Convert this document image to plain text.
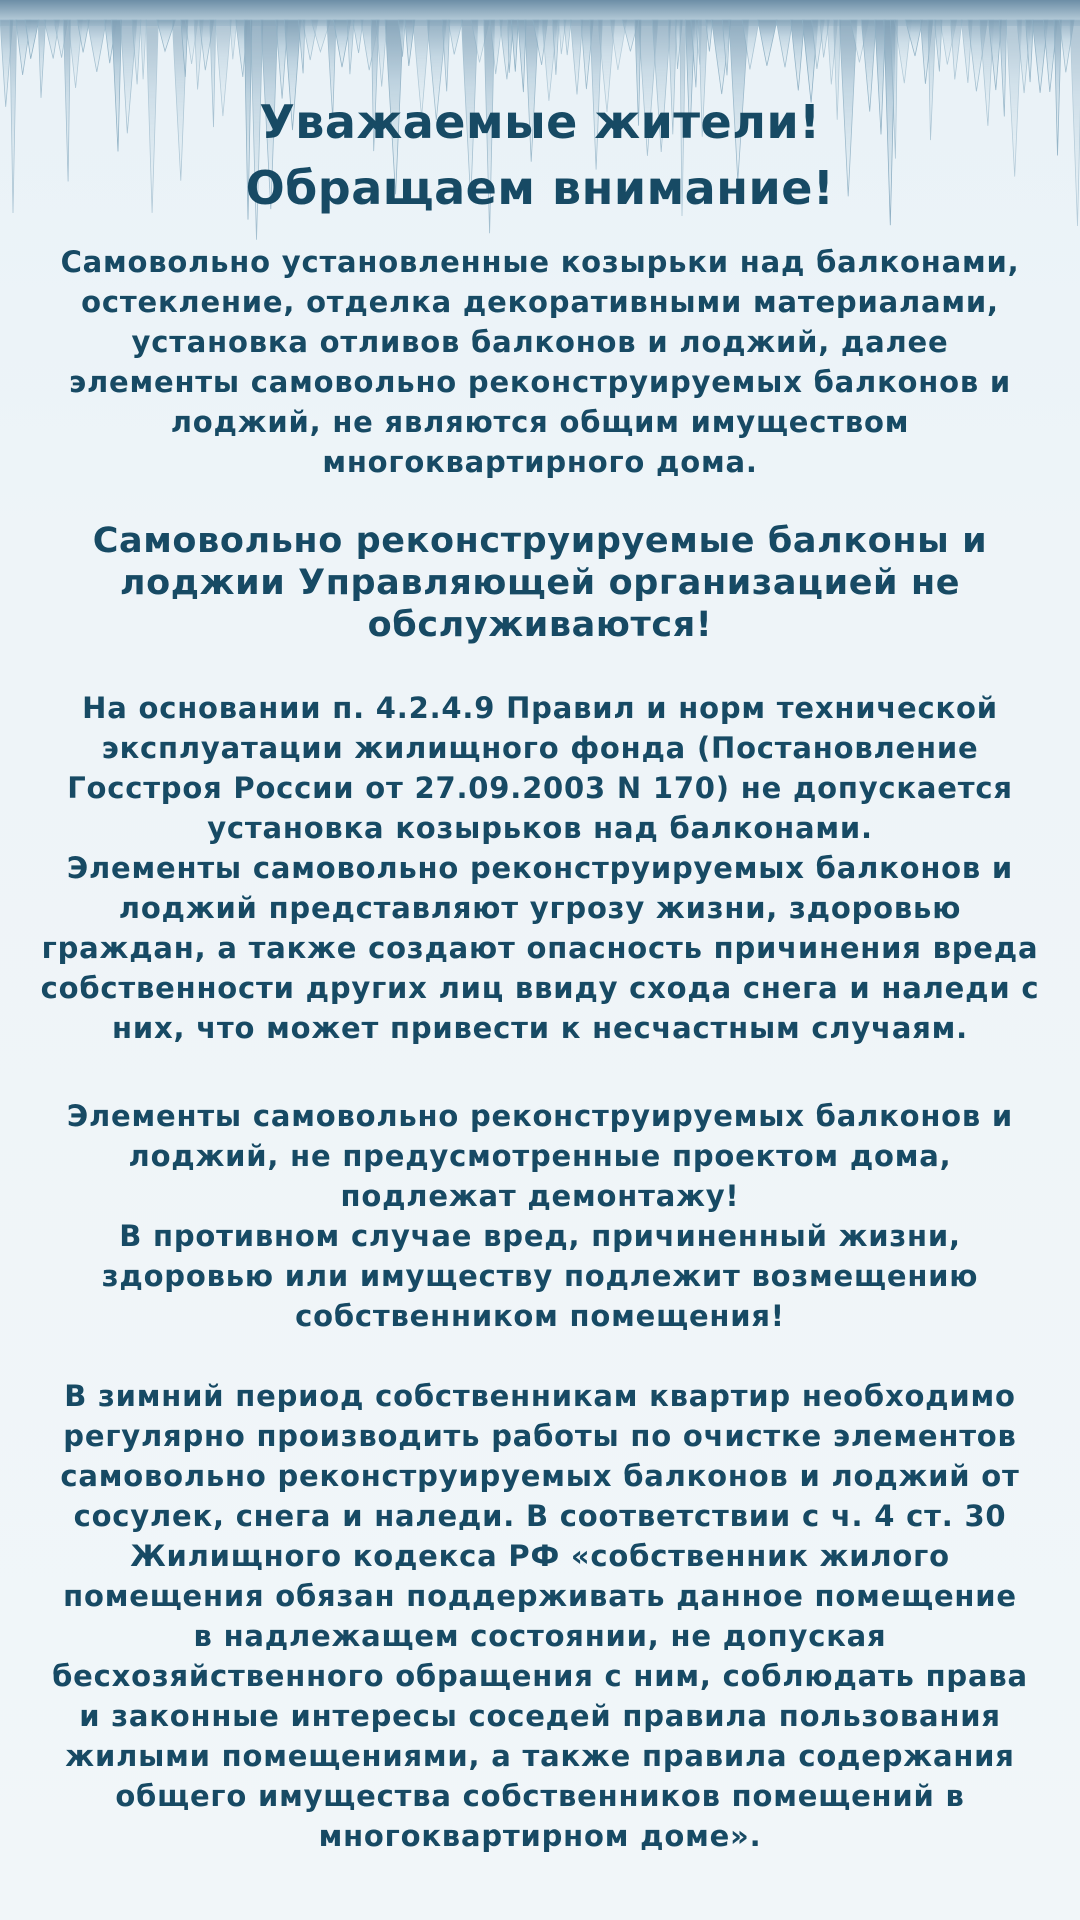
Уважаемые жители!
Обращаем внимание!

Самовольно установленные козырьки над балконами,
остекление, отделка декоративными материалами,
установка отливов балконов и лоджий, далее
элементы самовольно реконструируемых балконов и
лоджий, не являются общим имуществом
многоквартирного дома.

Самовольно реконструируемые балконы и
лоджии Управляющей организацией не
обслуживаются!

На основании п. 4.2.4.9 Правил и норм технической
эксплуатации жилищного фонда (Постановление
Госстроя России от 27.09.2003 N 170) не допускается
установка козырьков над балконами.
Элементы самовольно реконструируемых балконов и
лоджий представляют угрозу жизни, здоровью
граждан, а также создают опасность причинения вреда
собственности других лиц ввиду схода снега и наледи с
них, что может привести к несчастным случаям.

Элементы самовольно реконструируемых балконов и
лоджий, не предусмотренные проектом дома,
подлежат демонтажу!
В противном случае вред, причиненный жизни,
здоровью или имуществу подлежит возмещению
собственником помещения!

В зимний период собственникам квартир необходимо
регулярно производить работы по очистке элементов
самовольно реконструируемых балконов и лоджий от
сосулек, снега и наледи. В соответствии с ч. 4 ст. 30
Жилищного кодекса РФ «собственник жилого
помещения обязан поддерживать данное помещение
в надлежащем состоянии, не допуская
бесхозяйственного обращения с ним, соблюдать права
и законные интересы соседей правила пользования
жилыми помещениями, а также правила содержания
общего имущества собственников помещений в
многоквартирном доме».
